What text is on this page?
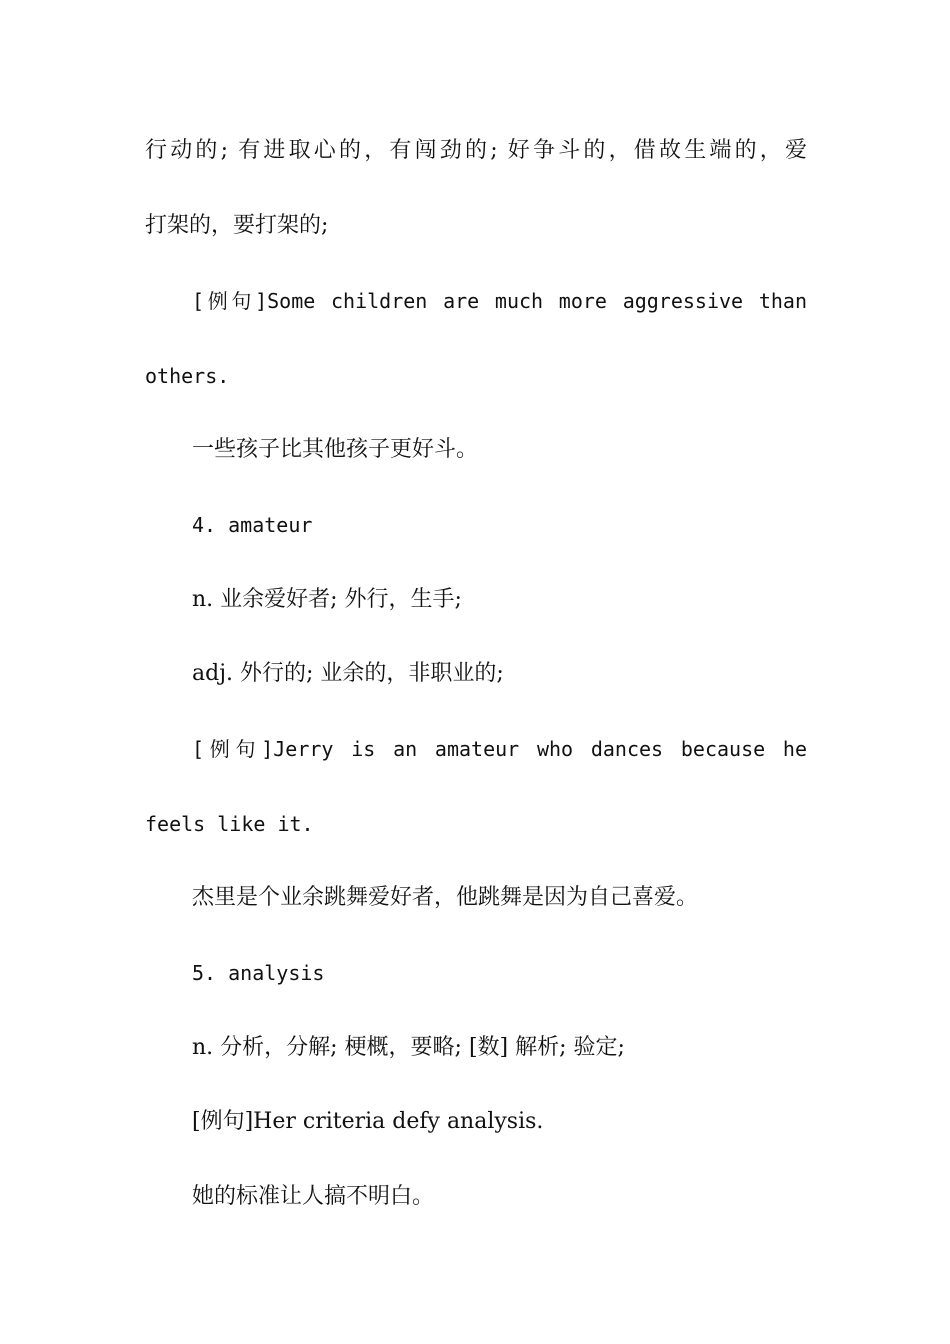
行动的; 有进取心的，有闯劲的; 好争斗的，借故生端的，爱
打架的，要打架的;
[例句]Some children are much more aggressive than
others.
一些孩子比其他孩子更好斗。
4. amateur
n. 业余爱好者; 外行，生手;
adj. 外行的; 业余的，非职业的;
[例句]Jerry is an amateur who dances because he
feels like it.
杰里是个业余跳舞爱好者，他跳舞是因为自己喜爱。
5. analysis
n. 分析，分解; 梗概，要略; [数] 解析; 验定;
[例句]Her criteria defy analysis.
她的标准让人搞不明白。
